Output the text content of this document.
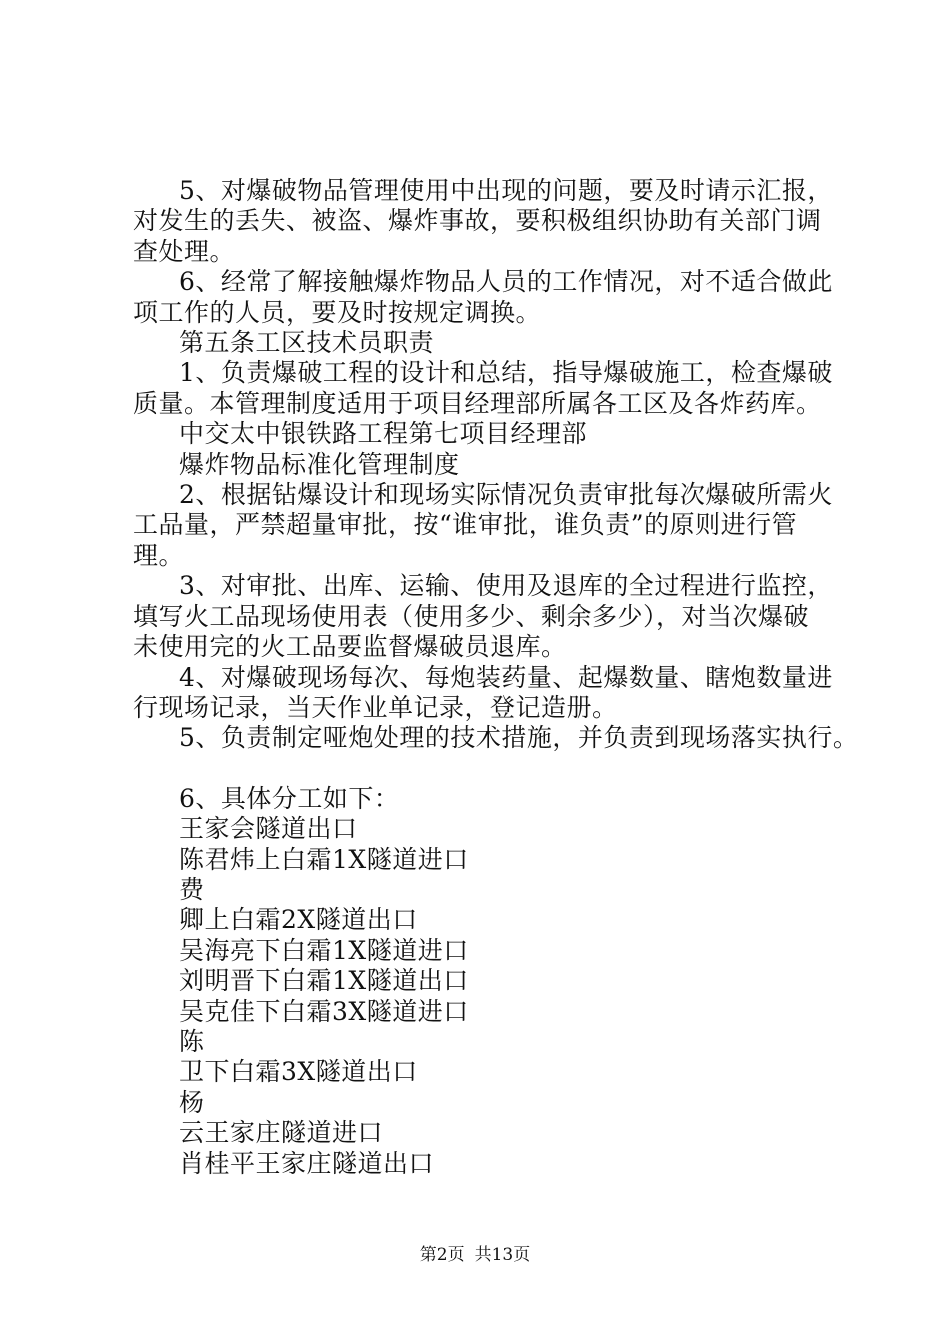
5、对爆破物品管理使用中出现的问题，要及时请示汇报，

对发生的丢失、被盗、爆炸事故，要积极组织协助有关部门调

查处理。

6、经常了解接触爆炸物品人员的工作情况，对不适合做此

项工作的人员，要及时按规定调换。

第五条工区技术员职责

1、负责爆破工程的设计和总结，指导爆破施工，检查爆破

质量。本管理制度适用于项目经理部所属各工区及各炸药库。

中交太中银铁路工程第七项目经理部

爆炸物品标准化管理制度

2、根据钻爆设计和现场实际情况负责审批每次爆破所需火

工品量，严禁超量审批，按“谁审批，谁负责”的原则进行管

理。

3、对审批、出库、运输、使用及退库的全过程进行监控，

填写火工品现场使用表（使用多少、剩余多少），对当次爆破

未使用完的火工品要监督爆破员退库。

4、对爆破现场每次、每炮装药量、起爆数量、瞎炮数量进

行现场记录，当天作业单记录，登记造册。

5、负责制定哑炮处理的技术措施，并负责到现场落实执行。

6、具体分工如下：

王家会隧道出口

陈君炜上白霜1X隧道进口

费

卿上白霜2X隧道出口

吴海亮下白霜1X隧道进口

刘明晋下白霜1X隧道出口

吴克佳下白霜3X隧道进口

陈

卫下白霜3X隧道出口

杨

云王家庄隧道进口

肖桂平王家庄隧道出口

第2页 共13页
